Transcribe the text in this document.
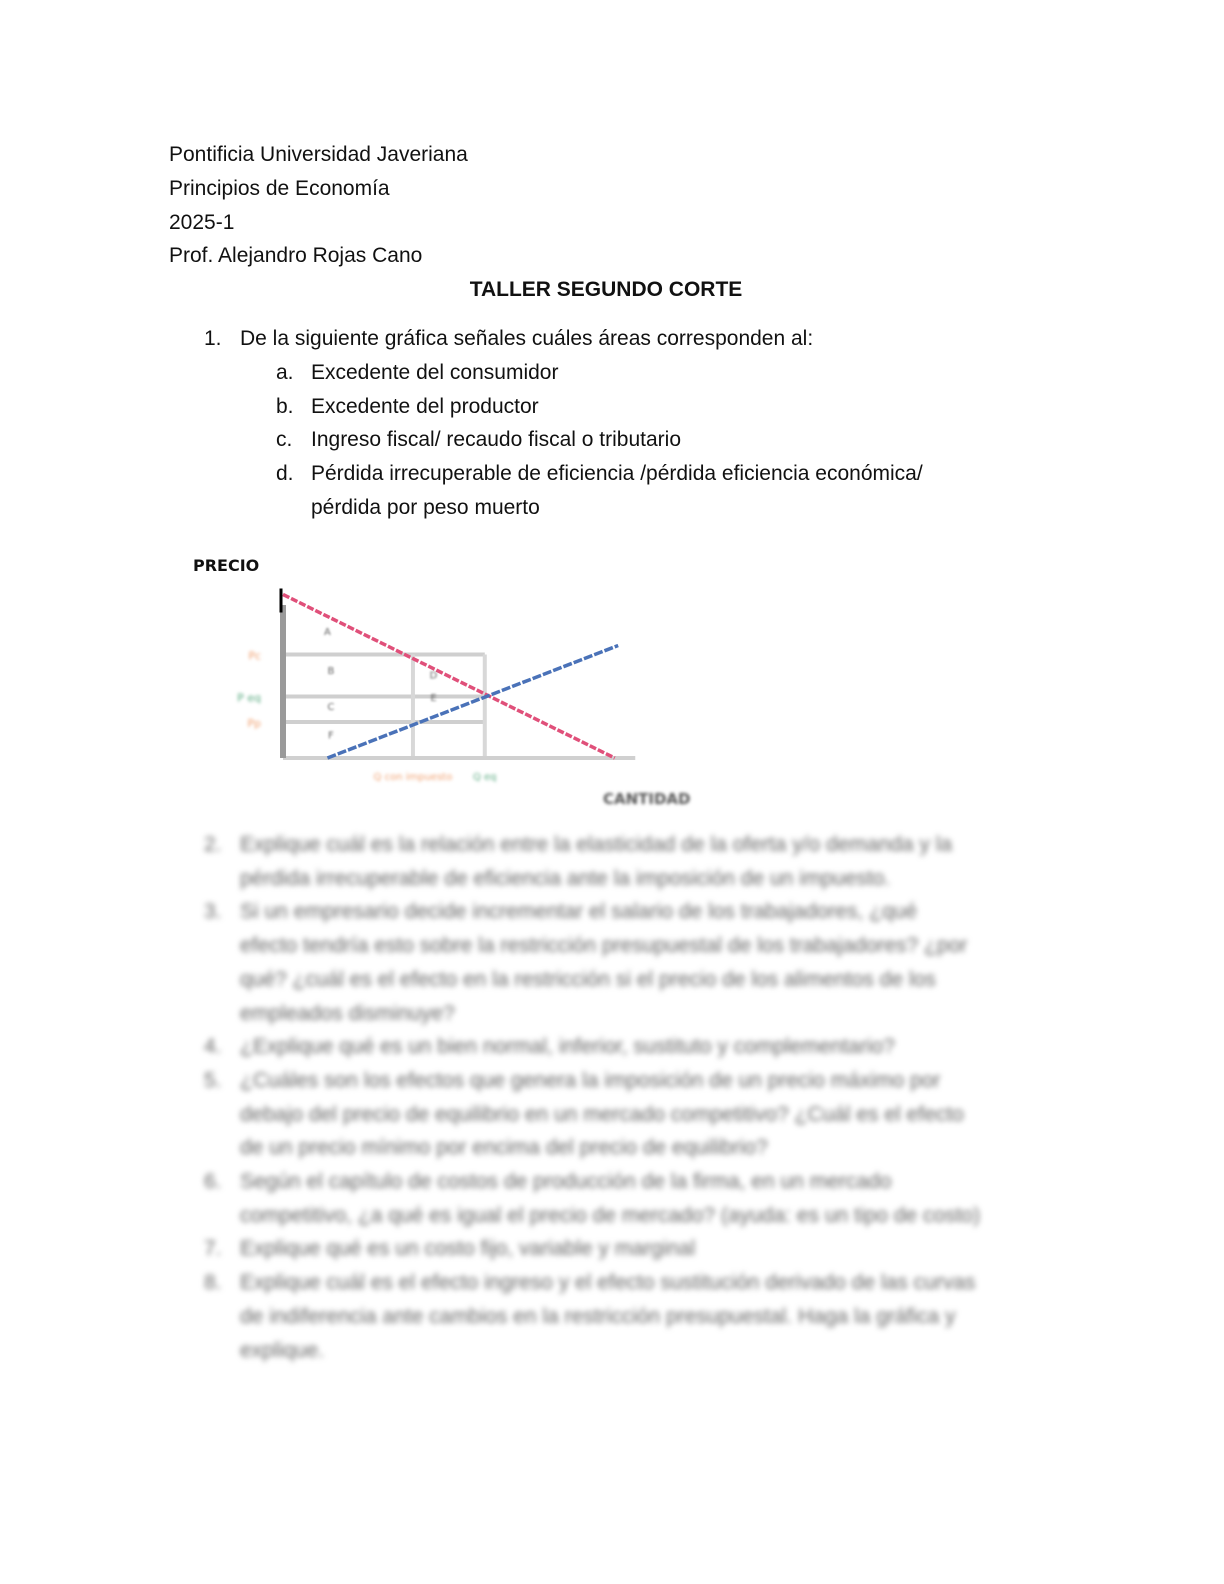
Pontificia Universidad Javeriana
Principios de Economía
2025-1
Prof. Alejandro Rojas Cano
TALLER SEGUNDO CORTE
1. De la siguiente gráfica señales cuáles áreas corresponden al:
a. Excedente del consumidor
b. Excedente del productor
c. Ingreso fiscal/ recaudo fiscal o tributario
d. Pérdida irrecuperable de eficiencia /pérdida eficiencia económica/
pérdida por peso muerto
PRECIO
CANTIDAD
Pc
P eq
Pp
Q con impuesto Q eq
A
B
C
F
D
E
2. Explique cuál es la relación entre la elasticidad de la oferta y/o demanda y la
pérdida irrecuperable de eficiencia ante la imposición de un impuesto.
3. Si un empresario decide incrementar el salario de los trabajadores, ¿qué
efecto tendría esto sobre la restricción presupuestal de los trabajadores? ¿por
qué? ¿cuál es el efecto en la restricción si el precio de los alimentos de los
empleados disminuye?
4. ¿Explique qué es un bien normal, inferior, sustituto y complementario?
5. ¿Cuáles son los efectos que genera la imposición de un precio máximo por
debajo del precio de equilibrio en un mercado competitivo? ¿Cuál es el efecto
de un precio mínimo por encima del precio de equilibrio?
6. Según el capítulo de costos de producción de la firma, en un mercado
competitivo, ¿a qué es igual el precio de mercado? (ayuda: es un tipo de costo)
7. Explique qué es un costo fijo, variable y marginal
8. Explique cuál es el efecto ingreso y el efecto sustitución derivado de las curvas
de indiferencia ante cambios en la restricción presupuestal. Haga la gráfica y
explique.
